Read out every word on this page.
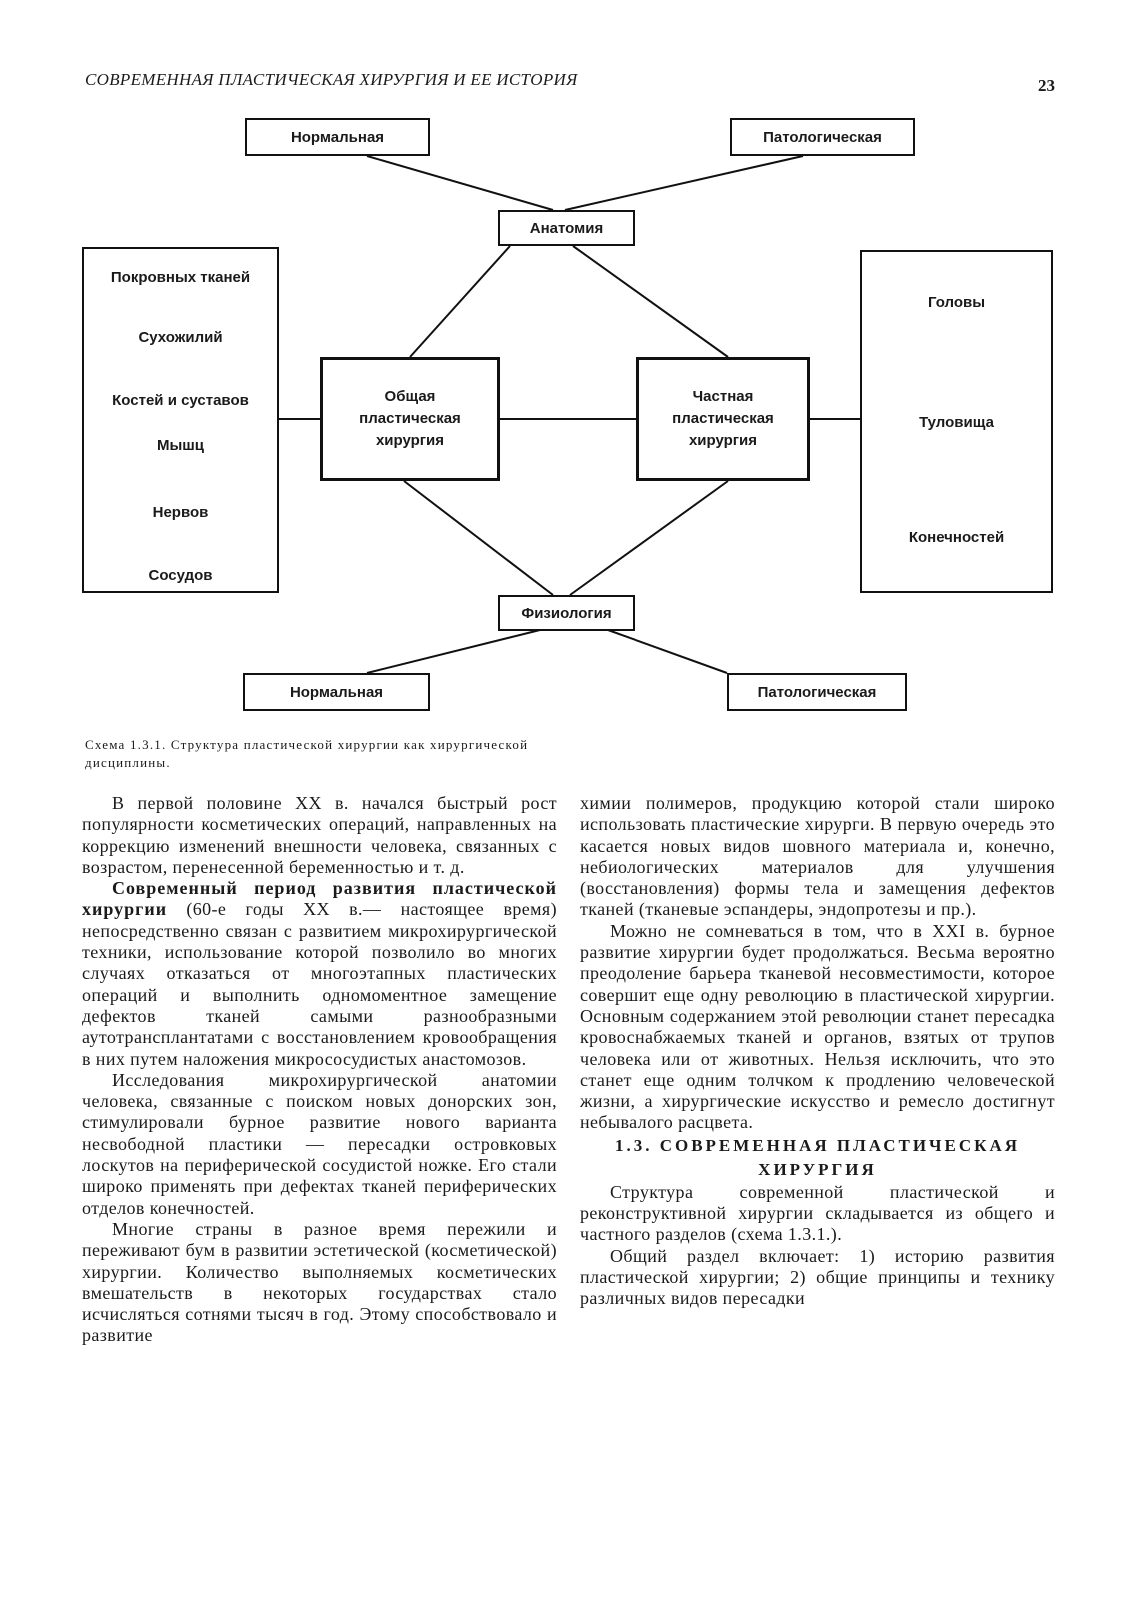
СОВРЕМЕННАЯ ПЛАСТИЧЕСКАЯ ХИРУРГИЯ И ЕЕ ИСТОРИЯ	23
Нормальная	Патологическая
Анатомия
Покровных тканей
Сухожилий
Костей и суставов
Мышц
Нервов
Сосудов
Общая
пластическая
хирургия
Частная
пластическая
хирургия
Головы
Туловища
Конечностей
Физиология
Нормальная	Патологическая
Схема 1.3.1. Структура пластической хирургии как хирургической дисциплины.

В первой половине XX в. начался быстрый рост популярности косметических операций, направленных на коррекцию изменений внешности человека, связанных с возрастом, перенесенной беременностью и т. д.

Современный период развития пластической хирургии (60-е годы XX в.— настоящее время) непосредственно связан с развитием микрохирургической техники, использование которой позволило во многих случаях отказаться от многоэтапных пластических операций и выполнить одномоментное замещение дефектов тканей самыми разнообразными аутотрансплантатами с восстановлением кровообращения в них путем наложения микрососудистых анастомозов.

Исследования микрохирургической анатомии человека, связанные с поиском новых донорских зон, стимулировали бурное развитие нового варианта несвободной пластики — пересадки островковых лоскутов на периферической сосудистой ножке. Его стали широко применять при дефектах тканей периферических отделов конечностей.

Многие страны в разное время пережили и переживают бум в развитии эстетической (косметической) хирургии. Количество выполняемых косметических вмешательств в некоторых государствах стало исчисляться сотнями тысяч в год. Этому способствовало и развитие

химии полимеров, продукцию которой стали широко использовать пластические хирурги. В первую очередь это касается новых видов шовного материала и, конечно, небиологических материалов для улучшения (восстановления) формы тела и замещения дефектов тканей (тканевые эспандеры, эндопротезы и пр.).

Можно не сомневаться в том, что в XXI в. бурное развитие хирургии будет продолжаться. Весьма вероятно преодоление барьера тканевой несовместимости, которое совершит еще одну революцию в пластической хирургии. Основным содержанием этой революции станет пересадка кровоснабжаемых тканей и органов, взятых от трупов человека или от животных. Нельзя исключить, что это станет еще одним толчком к продлению человеческой жизни, а хирургические искусство и ремесло достигнут небывалого расцвета.

1.3. СОВРЕМЕННАЯ ПЛАСТИЧЕСКАЯ ХИРУРГИЯ

Структура современной пластической и реконструктивной хирургии складывается из общего и частного разделов (схема 1.3.1.).

Общий раздел включает: 1) историю развития пластической хирургии; 2) общие принципы и технику различных видов пересадки
